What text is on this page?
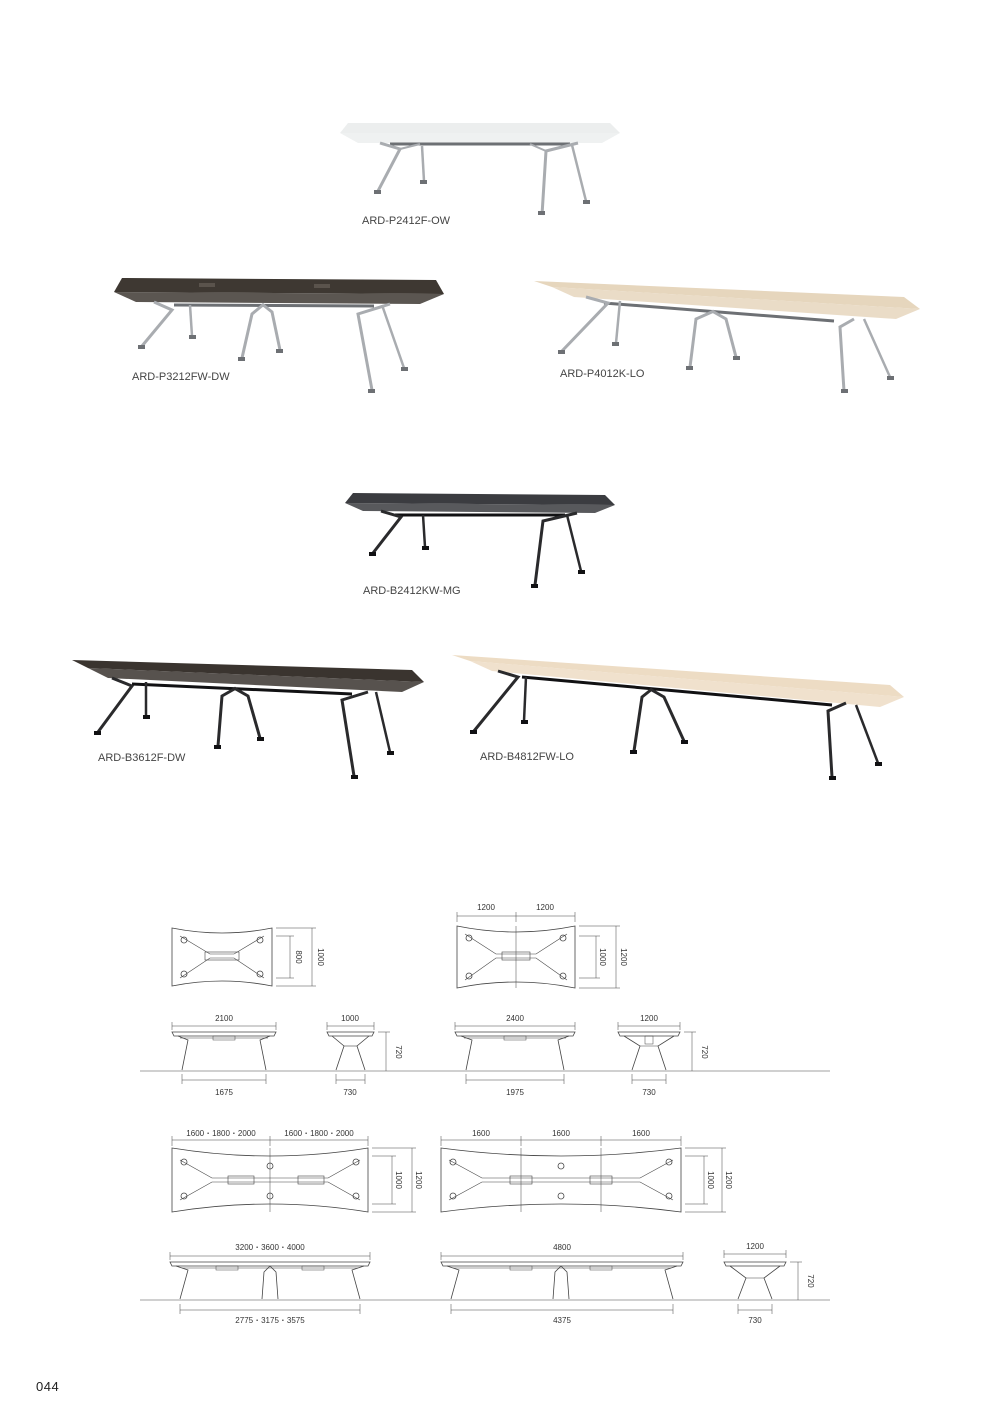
ARD-P2412F-OW
ARD-P3212FW-DW	ARD-P4012K-LO
ARD-B2412KW-MG
ARD-B3612F-DW	ARD-B4812FW-LO
800 1000
1200	1200
1000 1200
2100
1675
1000
730
720
2400
1975
1200
730
720
1600・1800・2000	1600・1800・2000
1000 1200
1600	1600	1600
1000 1200
3200・3600・4000
2775・3175・3575
4800
4375
1200
730
720
044
